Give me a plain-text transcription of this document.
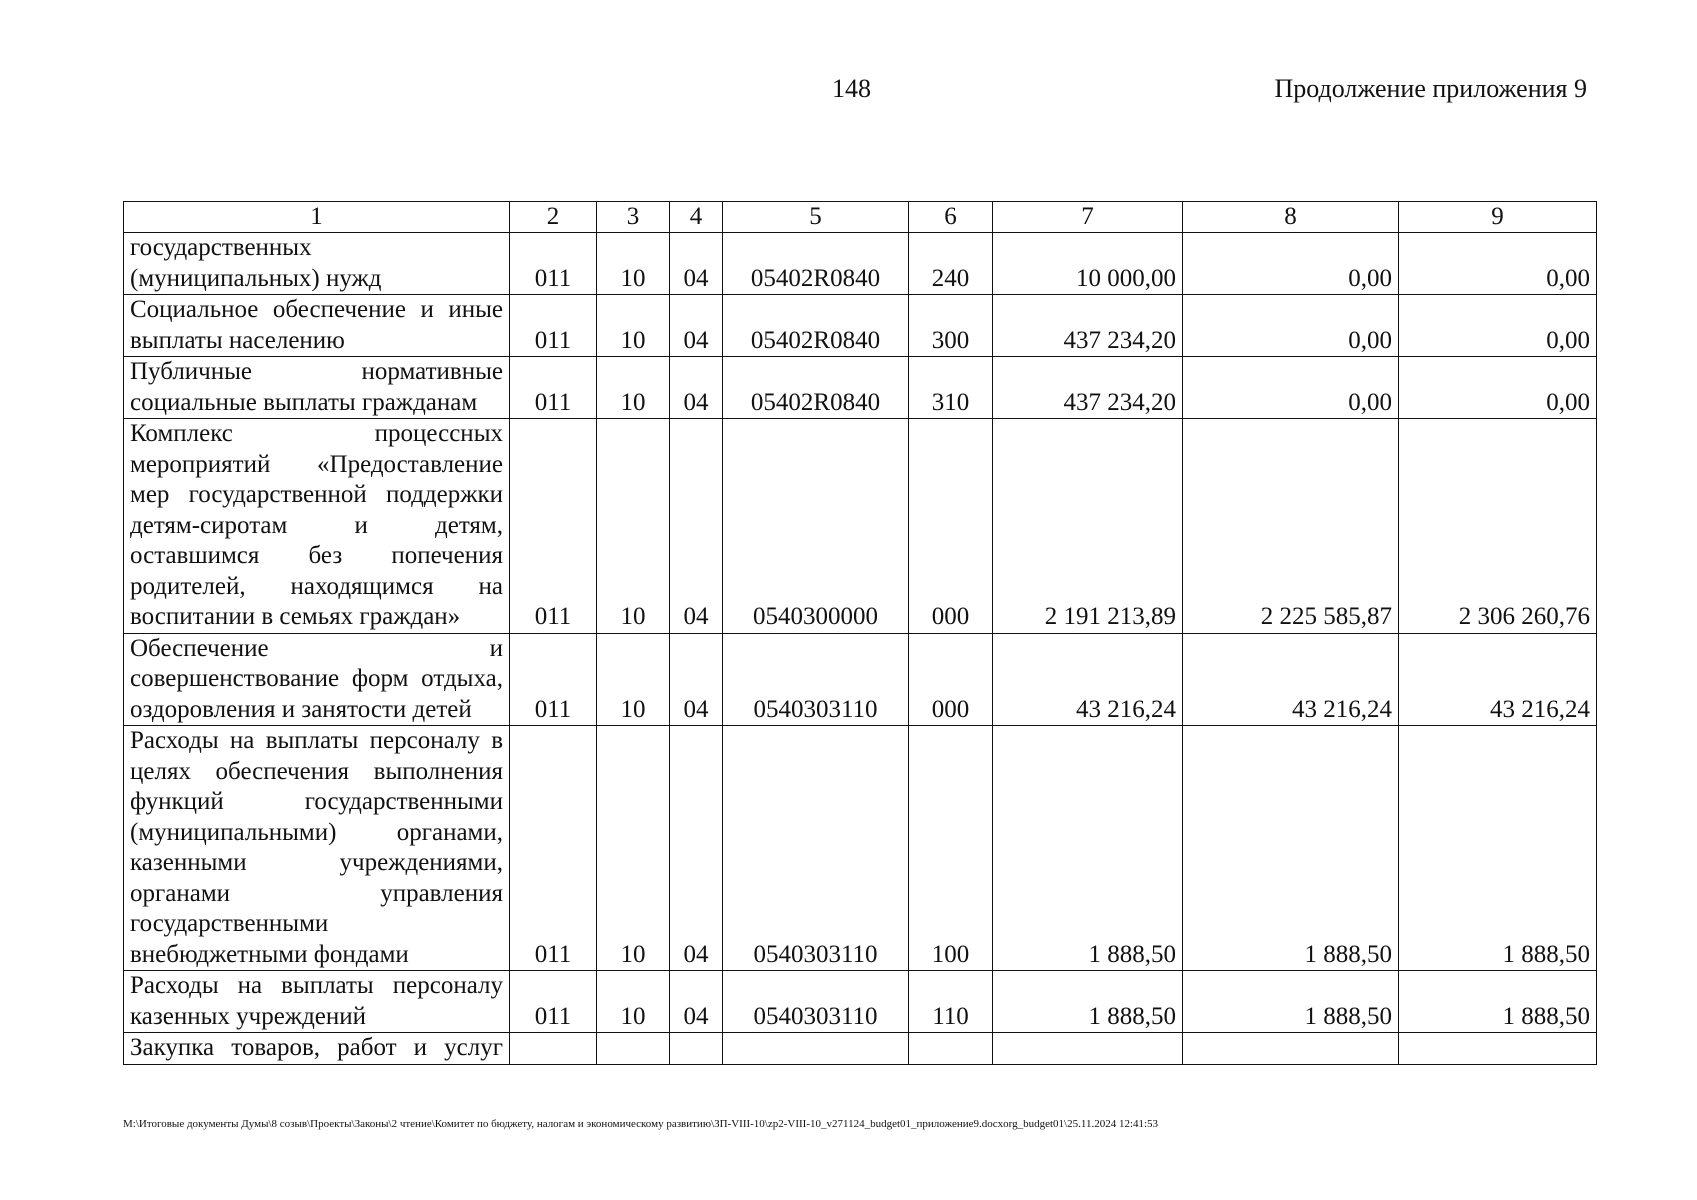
148	Продолжение приложения 9
1	2	3	4	5	6	7	8	9
государственных (муниципальных) нужд	011	10	04	05402R0840	240	10 000,00	0,00	0,00
Социальное обеспечение и иные выплаты населению	011	10	04	05402R0840	300	437 234,20	0,00	0,00
Публичные нормативные социальные выплаты гражданам	011	10	04	05402R0840	310	437 234,20	0,00	0,00
Комплекс процессных мероприятий «Предоставление мер государственной поддержки детям-сиротам и детям, оставшимся без попечения родителей, находящимся на воспитании в семьях граждан»	011	10	04	0540300000	000	2 191 213,89	2 225 585,87	2 306 260,76
Обеспечение и совершенствование форм отдыха, оздоровления и занятости детей	011	10	04	0540303110	000	43 216,24	43 216,24	43 216,24
Расходы на выплаты персоналу в целях обеспечения выполнения функций государственными (муниципальными) органами, казенными учреждениями, органами управления государственными внебюджетными фондами	011	10	04	0540303110	100	1 888,50	1 888,50	1 888,50
Расходы на выплаты персоналу казенных учреждений	011	10	04	0540303110	110	1 888,50	1 888,50	1 888,50
Закупка товаров, работ и услуг								
М:\Итоговые документы Думы\8 созыв\Проекты\Законы\2 чтение\Комитет по бюджету, налогам и экономическому развитию\ЗП-VIII-10\zp2-VIII-10_v271124_budget01_приложение9.docxorg_budget01\25.11.2024 12:41:53
